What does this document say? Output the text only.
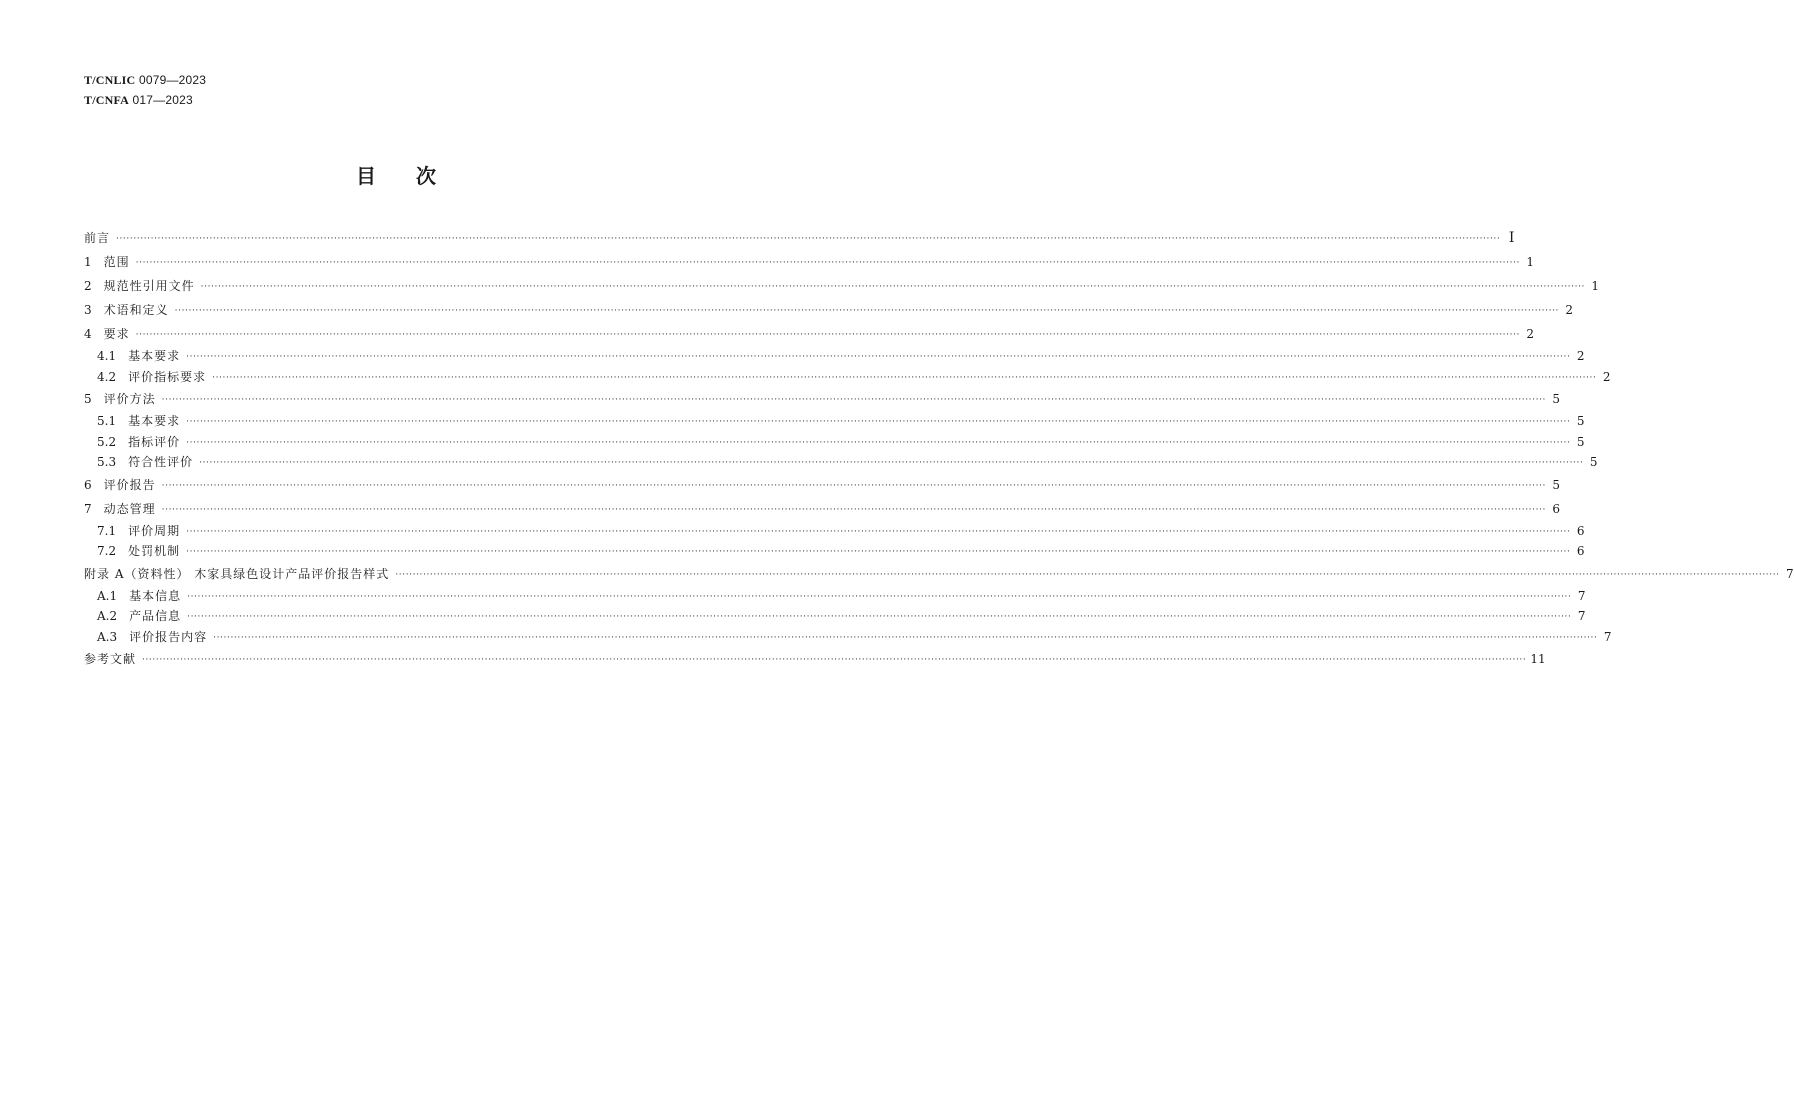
T/CNLIC 0079—2023
T/CNFA 017—2023
目次
前言 ················································································································································································································································································································································································································ I
1 范围 ················································································································································································································································································································································································································ 1
2 规范性引用文件 ················································································································································································································································································································································································································ 1
3 术语和定义 ················································································································································································································································································································································································································ 2
4 要求 ················································································································································································································································································································································································································ 2
4.1 基本要求 ················································································································································································································································································································································································································ 2
4.2 评价指标要求 ················································································································································································································································································································································································································ 2
5 评价方法 ················································································································································································································································································································································································································ 5
5.1 基本要求 ················································································································································································································································································································································································································ 5
5.2 指标评价 ················································································································································································································································································································································································································ 5
5.3 符合性评价 ················································································································································································································································································································································································································ 5
6 评价报告 ················································································································································································································································································································································································································ 5
7 动态管理 ················································································································································································································································································································································································································ 6
7.1 评价周期 ················································································································································································································································································································································································································ 6
7.2 处罚机制 ················································································································································································································································································································································································································ 6
附录 A（资料性） 木家具绿色设计产品评价报告样式 ················································································································································································································································································································································································································ 7
A.1 基本信息 ················································································································································································································································································································································································································ 7
A.2 产品信息 ················································································································································································································································································································································································································ 7
A.3 评价报告内容 ················································································································································································································································································································································································································ 7
参考文献 ················································································································································································································································································································································································································ 11
